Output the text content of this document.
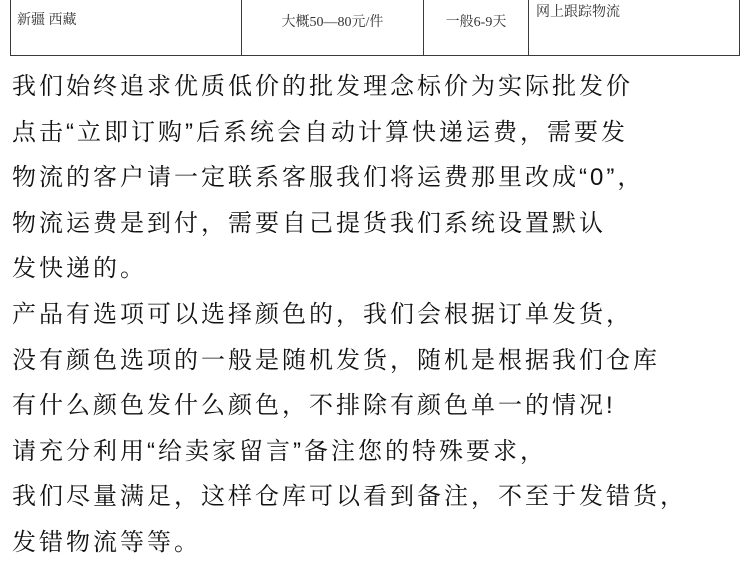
新疆 西藏	大概50—80元/件	一般6-9天
网上跟踪物流
我们始终追求优质低价的批发理念标价为实际批发价
点击“立即订购”后系统会自动计算快递运费，需要发
物流的客户请一定联系客服我们将运费那里改成“0”，
物流运费是到付，需要自己提货我们系统设置默认
发快递的。
产品有选项可以选择颜色的，我们会根据订单发货，
没有颜色选项的一般是随机发货，随机是根据我们仓库
有什么颜色发什么颜色，不排除有颜色单一的情况!
请充分利用“给卖家留言”备注您的特殊要求，
我们尽量满足，这样仓库可以看到备注，不至于发错货，
发错物流等等。
